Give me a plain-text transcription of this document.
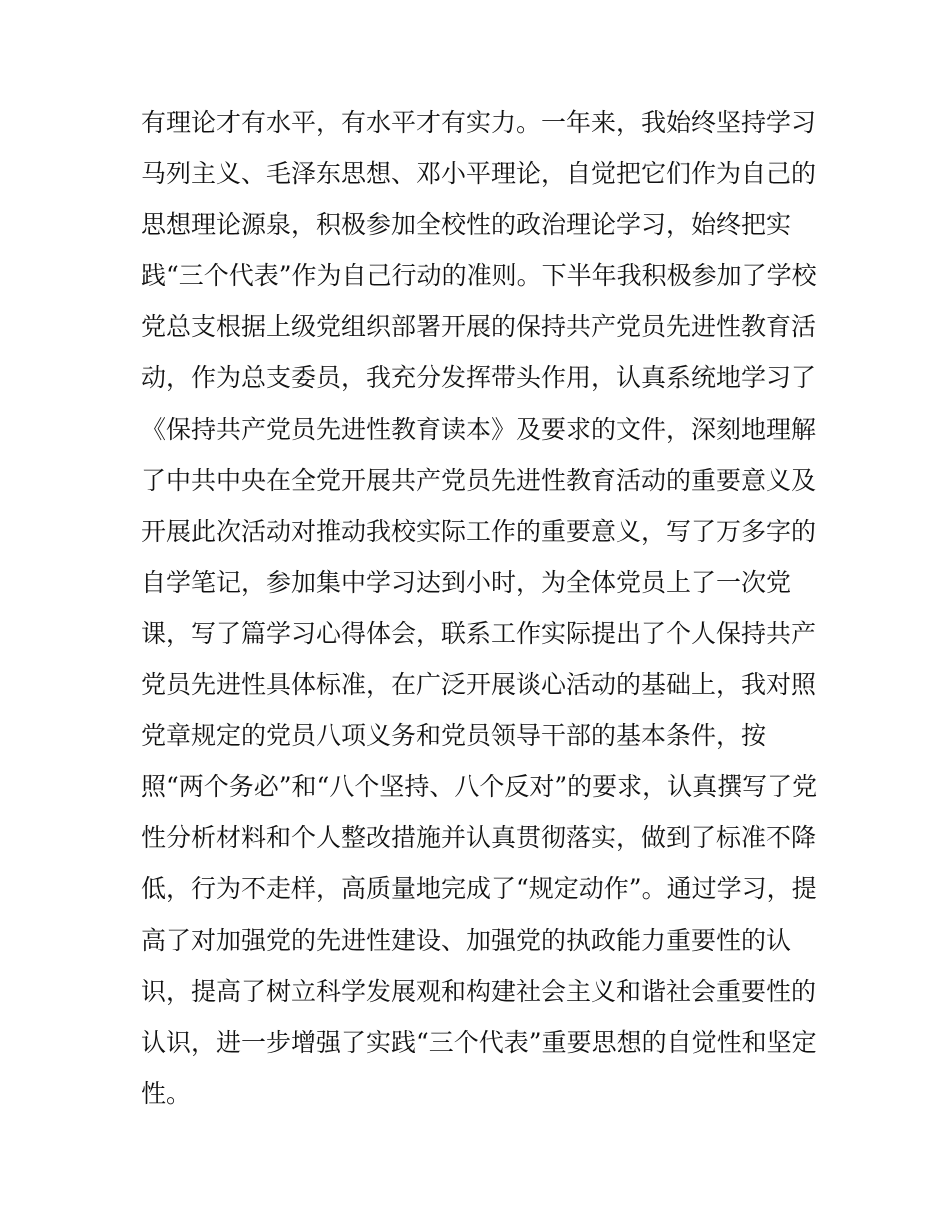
有理论才有水平，有水平才有实力。一年来，我始终坚持学习
马列主义、毛泽东思想、邓小平理论，自觉把它们作为自己的
思想理论源泉，积极参加全校性的政治理论学习，始终把实
践“三个代表”作为自己行动的准则。下半年我积极参加了学校
党总支根据上级党组织部署开展的保持共产党员先进性教育活
动，作为总支委员，我充分发挥带头作用，认真系统地学习了
《保持共产党员先进性教育读本》及要求的文件，深刻地理解
了中共中央在全党开展共产党员先进性教育活动的重要意义及
开展此次活动对推动我校实际工作的重要意义，写了万多字的
自学笔记，参加集中学习达到小时，为全体党员上了一次党
课，写了篇学习心得体会，联系工作实际提出了个人保持共产
党员先进性具体标准，在广泛开展谈心活动的基础上，我对照
党章规定的党员八项义务和党员领导干部的基本条件，按
照“两个务必”和“八个坚持、八个反对”的要求，认真撰写了党
性分析材料和个人整改措施并认真贯彻落实，做到了标准不降
低，行为不走样，高质量地完成了“规定动作”。通过学习，提
高了对加强党的先进性建设、加强党的执政能力重要性的认
识，提高了树立科学发展观和构建社会主义和谐社会重要性的
认识，进一步增强了实践“三个代表”重要思想的自觉性和坚定
性。
